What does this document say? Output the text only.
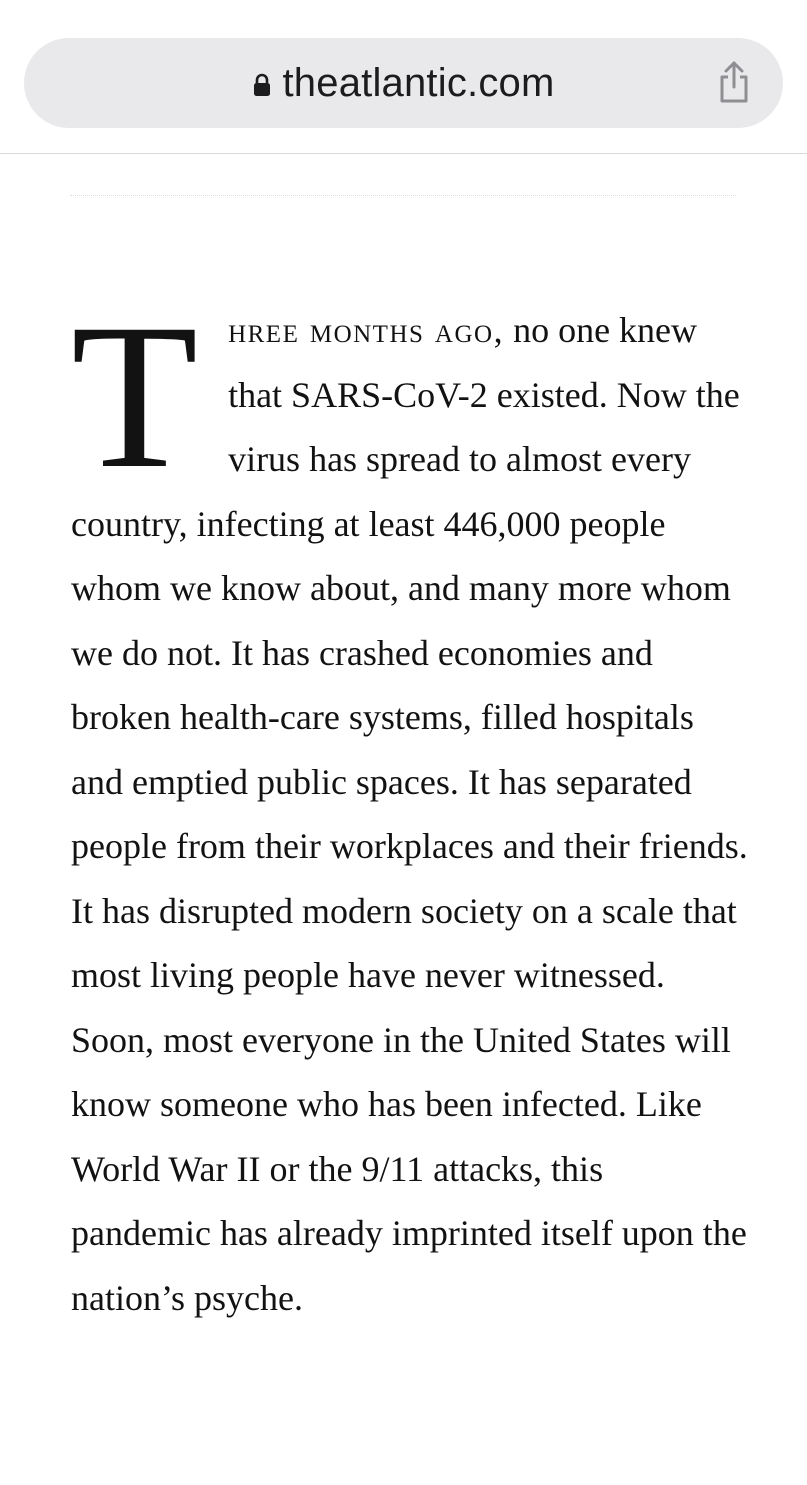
theatlantic.com

Three months ago, no one knew that SARS-CoV-2 existed. Now the virus has spread to almost every country, infecting at least 446,000 people whom we know about, and many more whom we do not. It has crashed economies and broken health-care systems, filled hospitals and emptied public spaces. It has separated people from their workplaces and their friends. It has disrupted modern society on a scale that most living people have never witnessed. Soon, most everyone in the United States will know someone who has been infected. Like World War II or the 9/11 attacks, this pandemic has already imprinted itself upon the nation’s psyche.
